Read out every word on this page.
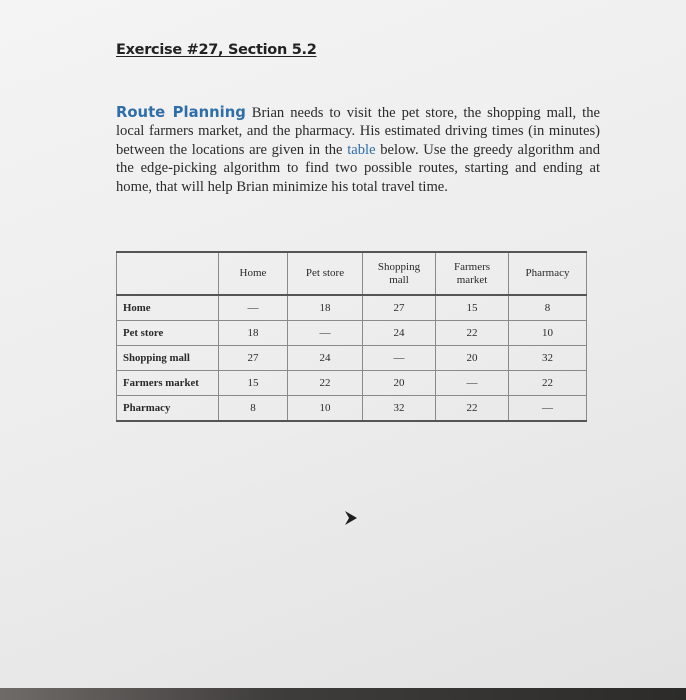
Exercise #27, Section 5.2

Route Planning Brian needs to visit the pet store, the shopping mall, the local farmers market, and the pharmacy. His estimated driving times (in minutes) between the locations are given in the table below. Use the greedy algorithm and the edge-picking algorithm to find two possible routes, starting and ending at home, that will help Brian minimize his total travel time.

	Home	Pet store	Shopping mall	Farmers market	Pharmacy
Home	—	18	27	15	8
Pet store	18	—	24	22	10
Shopping mall	27	24	—	20	32
Farmers market	15	22	20	—	22
Pharmacy	8	10	32	22	—
